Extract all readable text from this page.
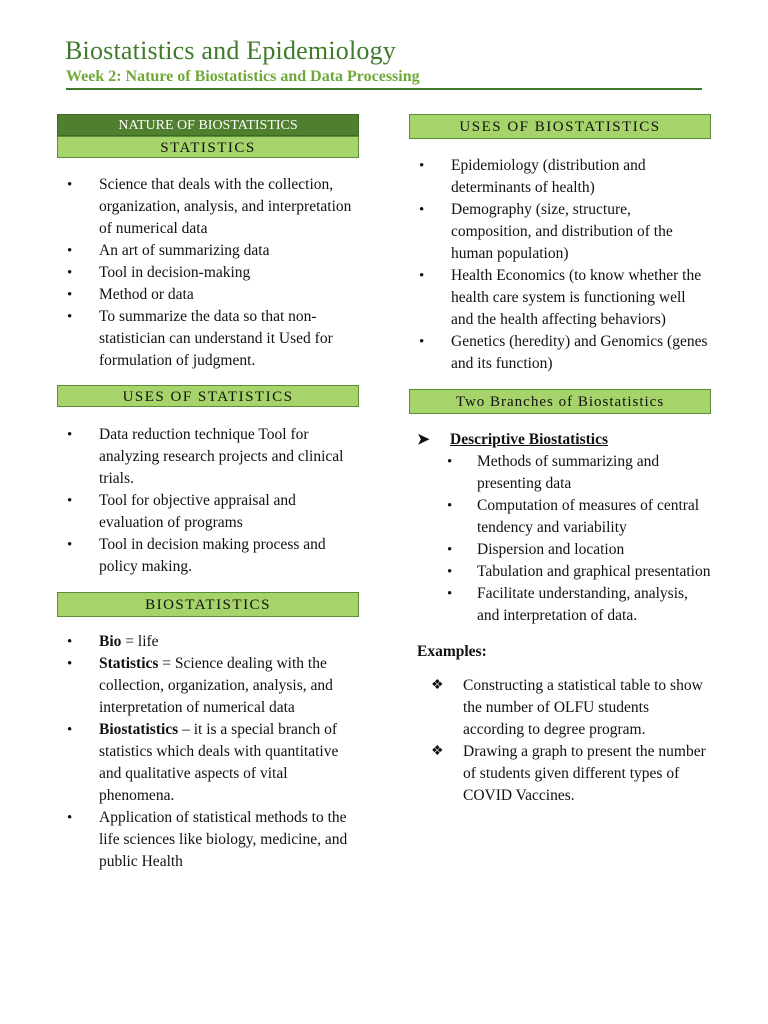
Biostatistics and Epidemiology
Week 2: Nature of Biostatistics and Data Processing
NATURE OF BIOSTATISTICS
STATISTICS
• Science that deals with the collection, organization, analysis, and interpretation of numerical data
• An art of summarizing data
• Tool in decision-making
• Method or data
• To summarize the data so that non-statistician can understand it Used for formulation of judgment.
USES OF STATISTICS
• Data reduction technique Tool for analyzing research projects and clinical trials.
• Tool for objective appraisal and evaluation of programs
• Tool in decision making process and policy making.
BIOSTATISTICS
• Bio = life
• Statistics = Science dealing with the collection, organization, analysis, and interpretation of numerical data
• Biostatistics – it is a special branch of statistics which deals with quantitative and qualitative aspects of vital phenomena.
• Application of statistical methods to the life sciences like biology, medicine, and public Health
USES OF BIOSTATISTICS
• Epidemiology (distribution and determinants of health)
• Demography (size, structure, composition, and distribution of the human population)
• Health Economics (to know whether the health care system is functioning well and the health affecting behaviors)
• Genetics (heredity) and Genomics (genes and its function)
Two Branches of Biostatistics
➤ Descriptive Biostatistics
• Methods of summarizing and presenting data
• Computation of measures of central tendency and variability
• Dispersion and location
• Tabulation and graphical presentation
• Facilitate understanding, analysis, and interpretation of data.
Examples:
❖ Constructing a statistical table to show the number of OLFU students according to degree program.
❖ Drawing a graph to present the number of students given different types of COVID Vaccines.
